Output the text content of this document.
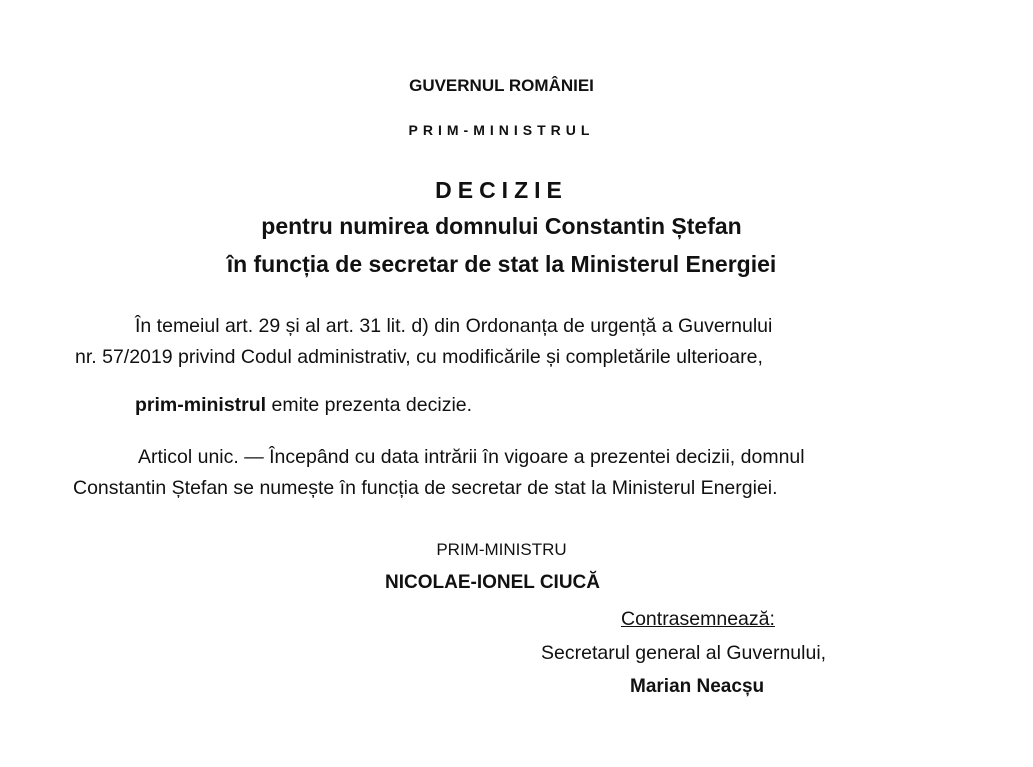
GUVERNUL ROMÂNIEI
PRIM-MINISTRUL
DECIZIE
pentru numirea domnului Constantin Ștefan
în funcția de secretar de stat la Ministerul Energiei
În temeiul art. 29 și al art. 31 lit. d) din Ordonanța de urgență a Guvernului
nr. 57/2019 privind Codul administrativ, cu modificările și completările ulterioare,
prim-ministrul emite prezenta decizie.
Articol unic. — Începând cu data intrării în vigoare a prezentei decizii, domnul
Constantin Ștefan se numește în funcția de secretar de stat la Ministerul Energiei.
PRIM-MINISTRU
NICOLAE-IONEL CIUCĂ
Contrasemnează:
Secretarul general al Guvernului,
Marian Neacșu
